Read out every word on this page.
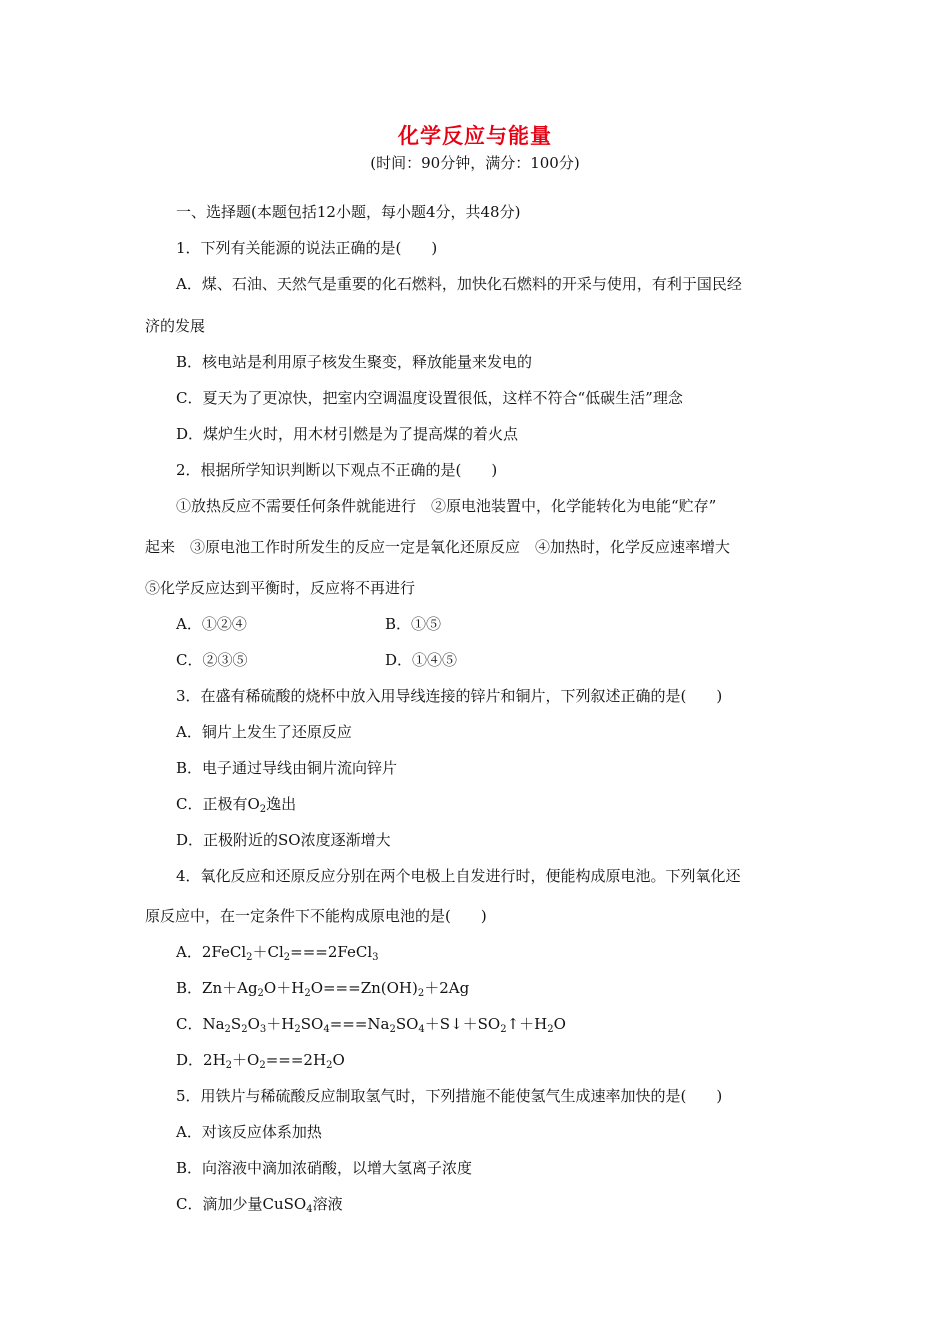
化学反应与能量
(时间：90分钟，满分：100分)
一、选择题(本题包括12小题，每小题4分，共48分)
1．下列有关能源的说法正确的是(　　)
A．煤、石油、天然气是重要的化石燃料，加快化石燃料的开采与使用，有利于国民经
济的发展
B．核电站是利用原子核发生聚变，释放能量来发电的
C．夏天为了更凉快，把室内空调温度设置很低，这样不符合“低碳生活”理念
D．煤炉生火时，用木材引燃是为了提高煤的着火点
2．根据所学知识判断以下观点不正确的是(　　)
①放热反应不需要任何条件就能进行　②原电池装置中，化学能转化为电能“贮存”
起来　③原电池工作时所发生的反应一定是氧化还原反应　④加热时，化学反应速率增大
⑤化学反应达到平衡时，反应将不再进行
A．①②④	B．①⑤
C．②③⑤	D．①④⑤
3．在盛有稀硫酸的烧杯中放入用导线连接的锌片和铜片，下列叙述正确的是(　　)
A．铜片上发生了还原反应
B．电子通过导线由铜片流向锌片
C．正极有$O_2$逸出
D．正极附近的SO浓度逐渐增大
4．氧化反应和还原反应分别在两个电极上自发进行时，便能构成原电池。下列氧化还
原反应中，在一定条件下不能构成原电池的是(　　)
A．$2FeCl_2+Cl_2===2FeCl_3$
B．$Zn+Ag_2O+H_2O===Zn(OH)_2+2Ag$
C．$Na_2S_2O_3+H_2SO_4===Na_2SO_4+S↓+SO_2↑+H_2O$
D．$2H_2+O_2===2H_2O$
5．用铁片与稀硫酸反应制取氢气时，下列措施不能使氢气生成速率加快的是(　　)
A．对该反应体系加热
B．向溶液中滴加浓硝酸，以增大氢离子浓度
C．滴加少量CuSO$_4$溶液
